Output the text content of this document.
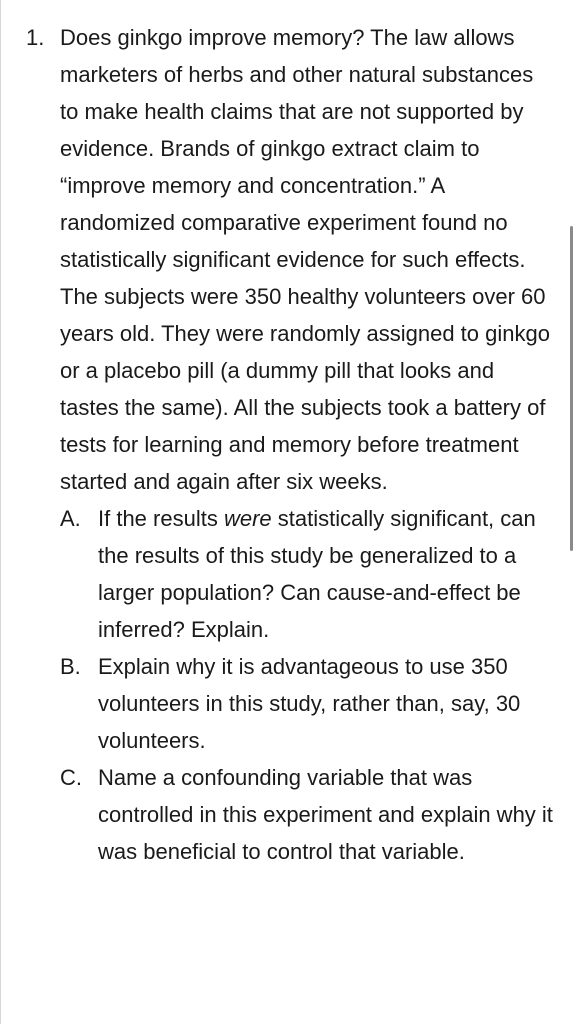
1. Does ginkgo improve memory? The law allows marketers of herbs and other natural substances to make health claims that are not supported by evidence. Brands of ginkgo extract claim to “improve memory and concentration.” A randomized comparative experiment found no statistically significant evidence for such effects. The subjects were 350 healthy volunteers over 60 years old. They were randomly assigned to ginkgo or a placebo pill (a dummy pill that looks and tastes the same). All the subjects took a battery of tests for learning and memory before treatment started and again after six weeks.
A. If the results were statistically significant, can the results of this study be generalized to a larger population? Can cause-and-effect be inferred? Explain.
B. Explain why it is advantageous to use 350 volunteers in this study, rather than, say, 30 volunteers.
C. Name a confounding variable that was controlled in this experiment and explain why it was beneficial to control that variable.
